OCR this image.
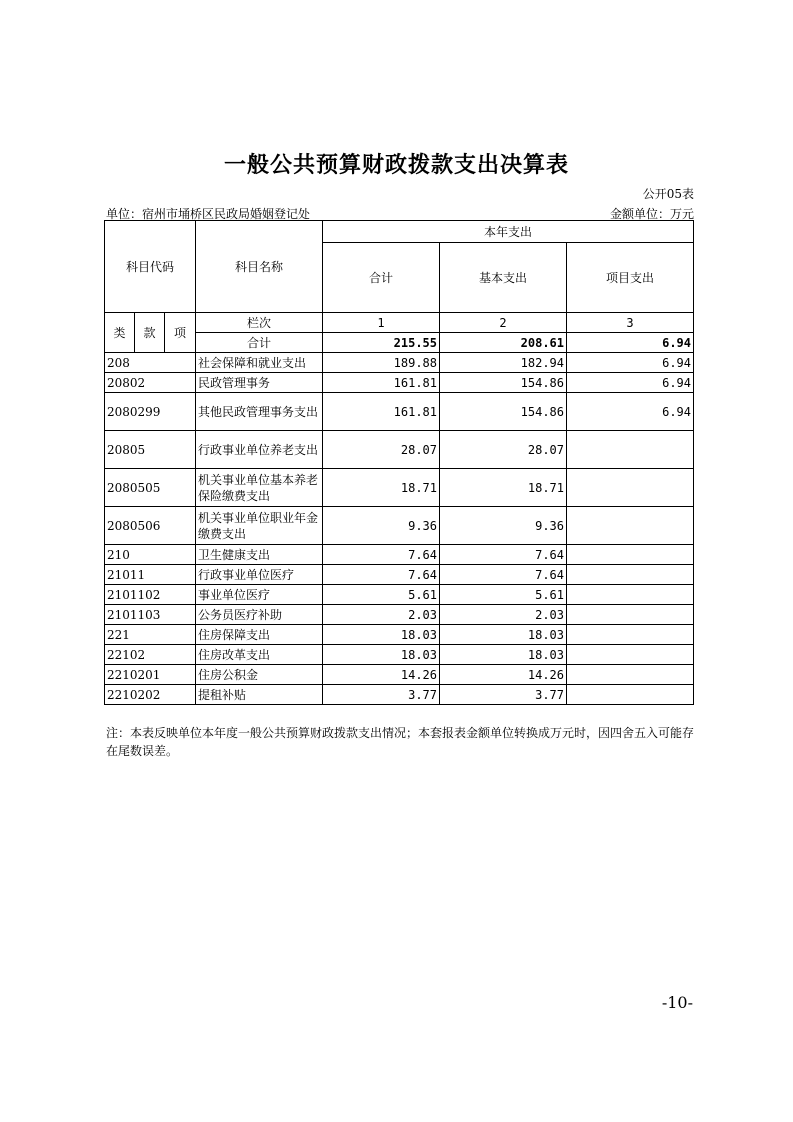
一般公共预算财政拨款支出决算表
公开05表
单位：宿州市埇桥区民政局婚姻登记处	金额单位：万元
科目代码			科目名称	本年支出		
				合计	基本支出	项目支出
类	款	项	栏次	1	2	3
			合计	215.55	208.61	6.94
208			社会保障和就业支出	189.88	182.94	6.94
20802			民政管理事务	161.81	154.86	6.94
2080299			其他民政管理事务支出	161.81	154.86	6.94
20805			行政事业单位养老支出	28.07	28.07	
2080505			机关事业单位基本养老保险缴费支出	18.71	18.71	
2080506			机关事业单位职业年金缴费支出	9.36	9.36	
210			卫生健康支出	7.64	7.64	
21011			行政事业单位医疗	7.64	7.64	
2101102			事业单位医疗	5.61	5.61	
2101103			公务员医疗补助	2.03	2.03	
221			住房保障支出	18.03	18.03	
22102			住房改革支出	18.03	18.03	
2210201			住房公积金	14.26	14.26	
2210202			提租补贴	3.77	3.77	
注：本表反映单位本年度一般公共预算财政拨款支出情况；本套报表金额单位转换成万元时，因四舍五入可能存在尾数误差。
-10-
